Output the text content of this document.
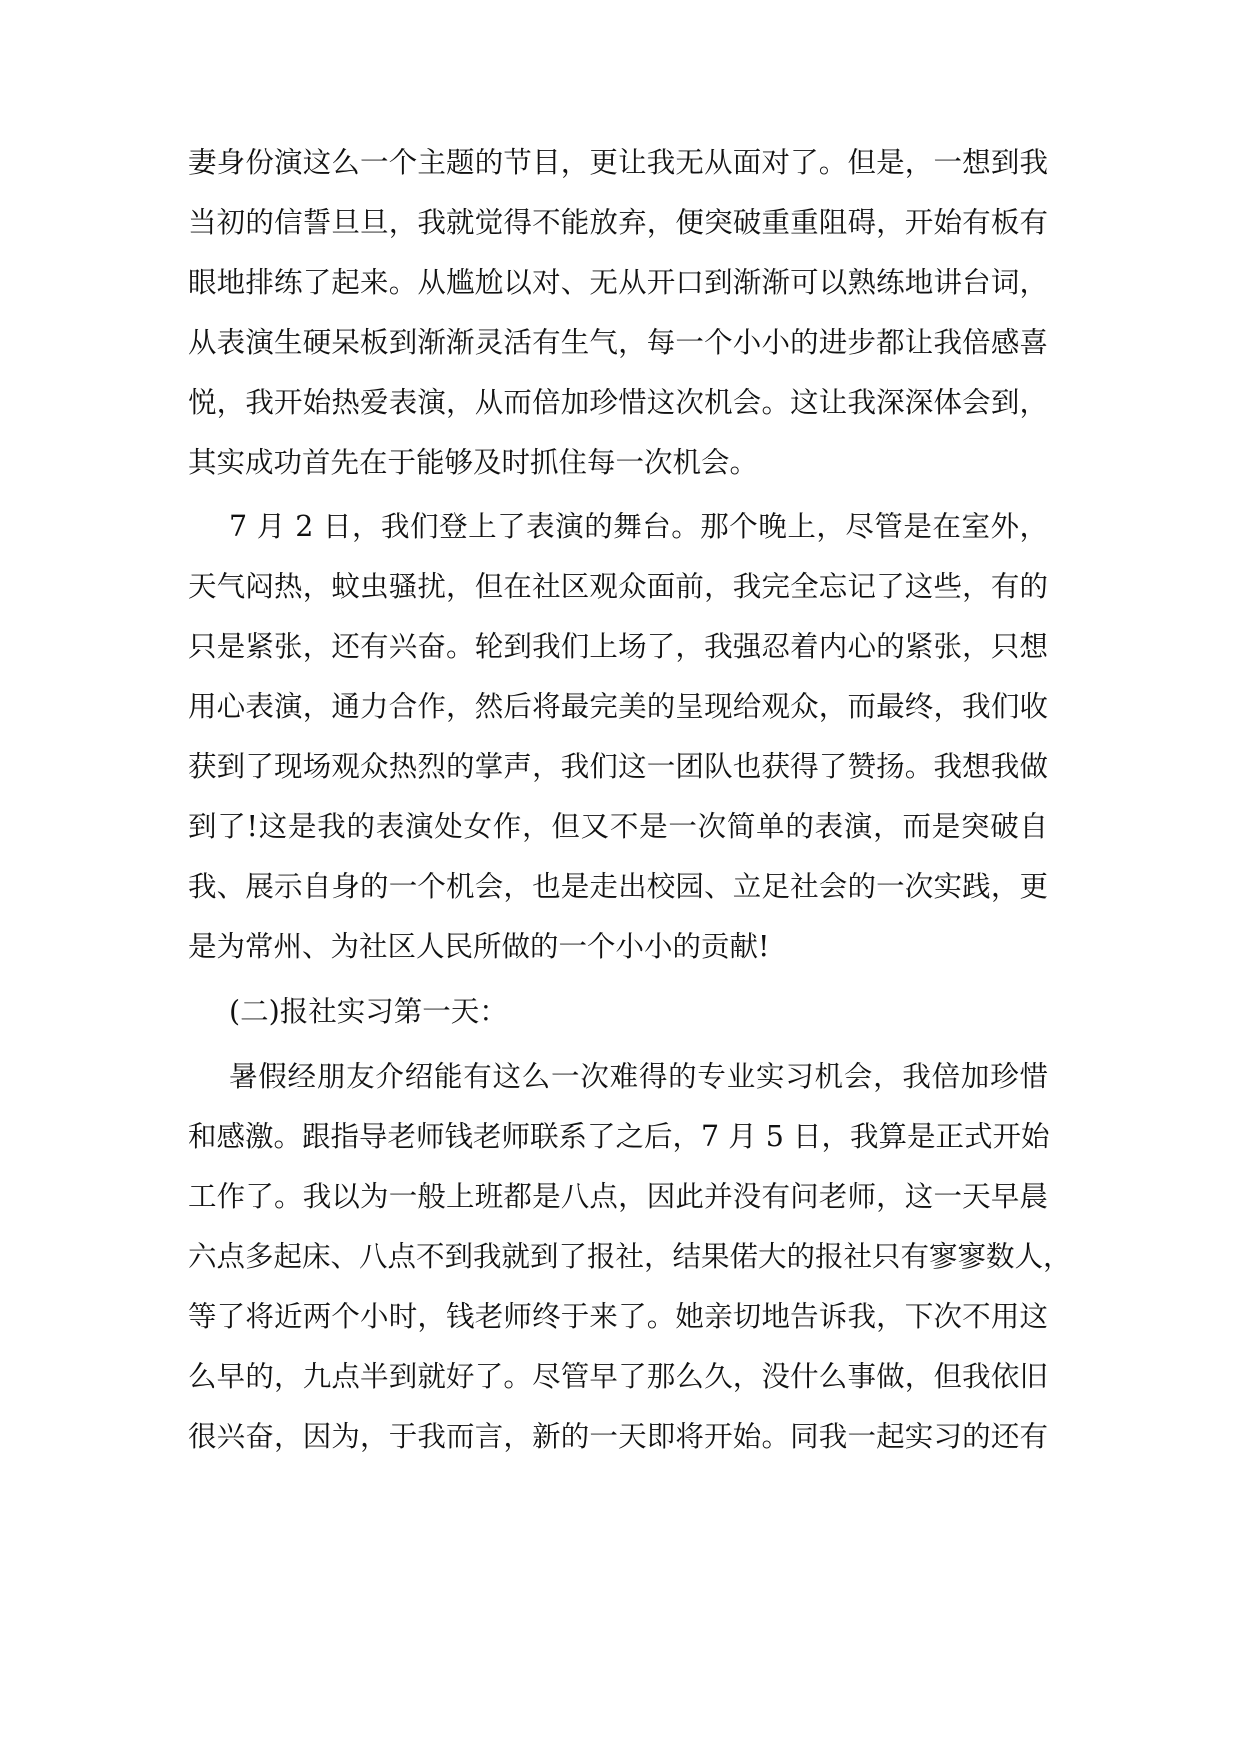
妻身份演这么一个主题的节目，更让我无从面对了。但是，一想到我
当初的信誓旦旦，我就觉得不能放弃，便突破重重阻碍，开始有板有
眼地排练了起来。从尴尬以对、无从开口到渐渐可以熟练地讲台词，
从表演生硬呆板到渐渐灵活有生气，每一个小小的进步都让我倍感喜
悦，我开始热爱表演，从而倍加珍惜这次机会。这让我深深体会到，
其实成功首先在于能够及时抓住每一次机会。
7 月 2 日，我们登上了表演的舞台。那个晚上，尽管是在室外，
天气闷热，蚊虫骚扰，但在社区观众面前，我完全忘记了这些，有的
只是紧张，还有兴奋。轮到我们上场了，我强忍着内心的紧张，只想
用心表演，通力合作，然后将最完美的呈现给观众，而最终，我们收
获到了现场观众热烈的掌声，我们这一团队也获得了赞扬。我想我做
到了!这是我的表演处女作，但又不是一次简单的表演，而是突破自
我、展示自身的一个机会，也是走出校园、立足社会的一次实践，更
是为常州、为社区人民所做的一个小小的贡献!
(二)报社实习第一天：
暑假经朋友介绍能有这么一次难得的专业实习机会，我倍加珍惜
和感激。跟指导老师钱老师联系了之后，7 月 5 日，我算是正式开始
工作了。我以为一般上班都是八点，因此并没有问老师，这一天早晨
六点多起床、八点不到我就到了报社，结果偌大的报社只有寥寥数人，
等了将近两个小时，钱老师终于来了。她亲切地告诉我，下次不用这
么早的，九点半到就好了。尽管早了那么久，没什么事做，但我依旧
很兴奋，因为，于我而言，新的一天即将开始。同我一起实习的还有
